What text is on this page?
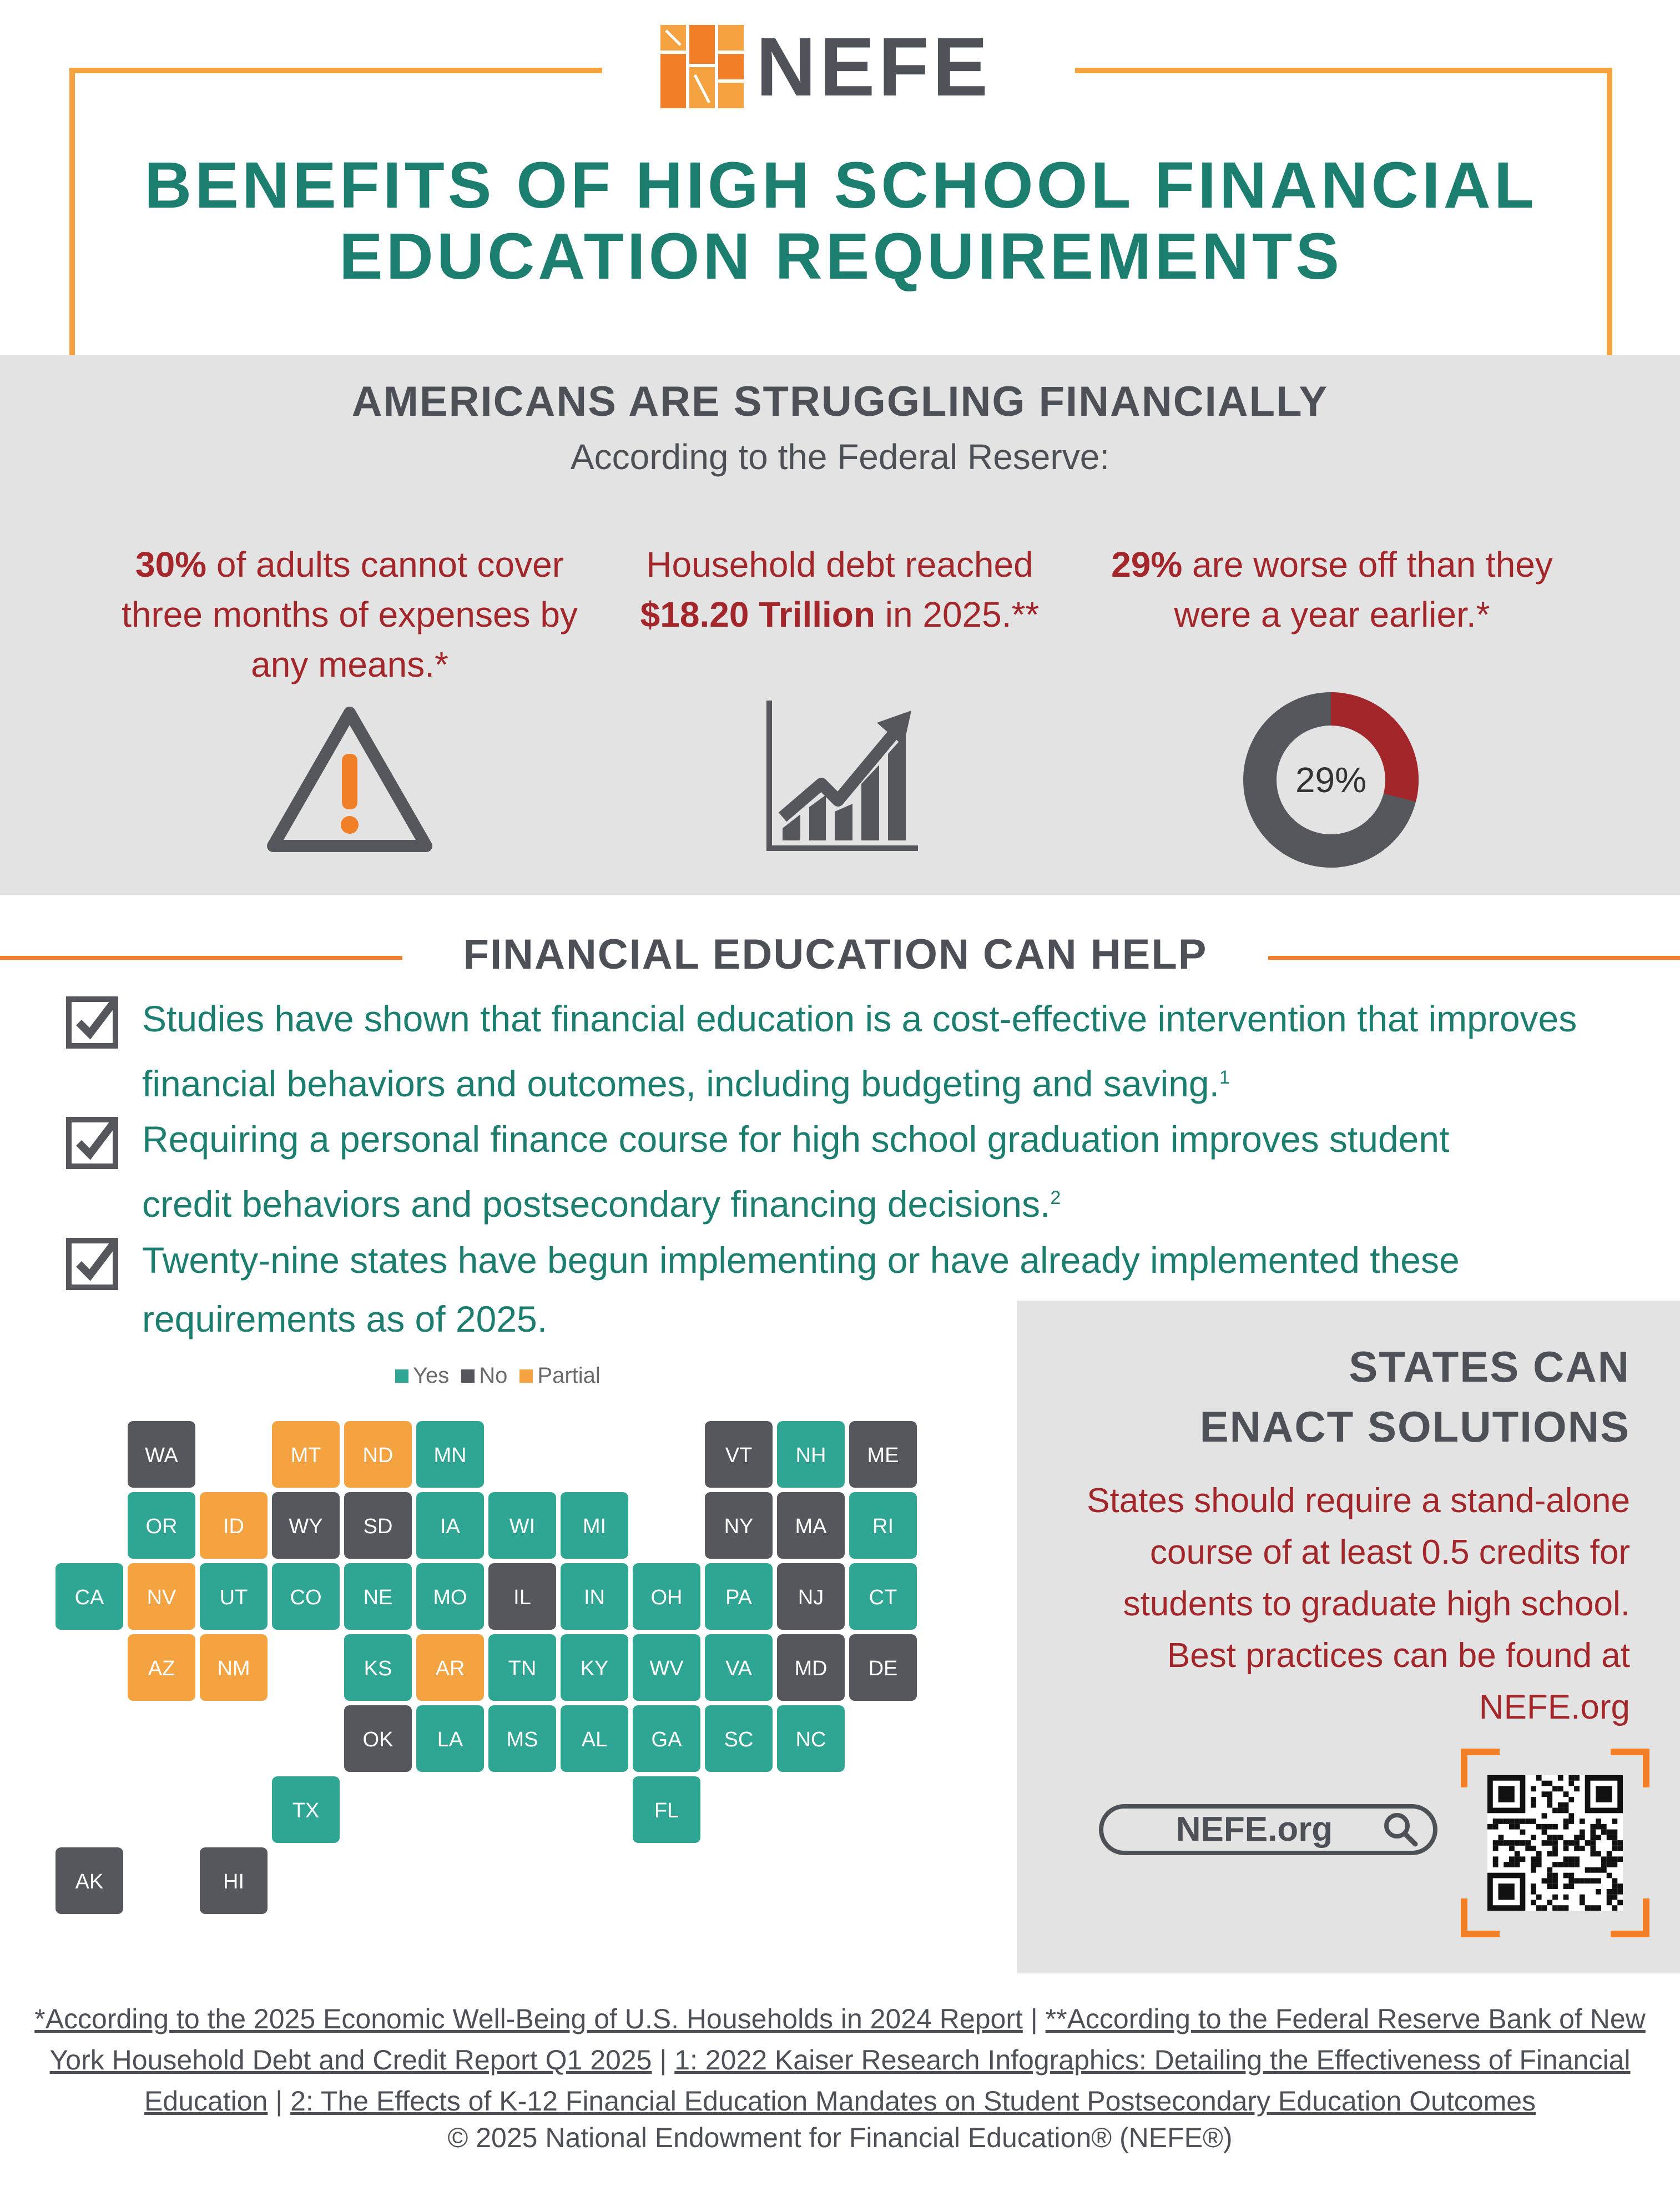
NEFE
BENEFITS OF HIGH SCHOOL FINANCIAL
EDUCATION REQUIREMENTS
AMERICANS ARE STRUGGLING FINANCIALLY
According to the Federal Reserve:
30% of adults cannot cover three months of expenses by any means.*
Household debt reached
$18.20 Trillion in 2025.**
29% are worse off than they were a year earlier.*
29%
FINANCIAL EDUCATION CAN HELP
Studies have shown that financial education is a cost-effective intervention that improves financial behaviors and outcomes, including budgeting and saving.$^1$
Requiring a personal finance course for high school graduation improves student credit behaviors and postsecondary financing decisions.$^2$
Twenty-nine states have begun implementing or have already implemented these requirements as of 2025.
Yes No Partial
WA
OR
CA
ID
NV
MT
WY
UT
AZ
CO
NM
ND
SD
NE
KS
OK
TX
MN
IA
MO
AR
LA
WI
IL
MS
MI
IN
KY
TN
AL
OH
GA
FL
SC NC
VA
WV
PA
NY
VT NH ME
MA
CT
RI
NJ
DE
MD
AK	HI
STATES CAN
ENACT SOLUTIONS
States should require a stand-alone
course of at least 0.5 credits for
students to graduate high school.
Best practices can be found at
NEFE.org
NEFE.org
*According to the 2025 Economic Well-Being of U.S. Households in 2024 Report | **According to the Federal Reserve Bank of New York Household Debt and Credit Report Q1 2025 | 1: 2022 Kaiser Research Infographics: Detailing the Effectiveness of Financial Education | 2: The Effects of K-12 Financial Education Mandates on Student Postsecondary Education Outcomes
© 2025 National Endowment for Financial Education® (NEFE®)
